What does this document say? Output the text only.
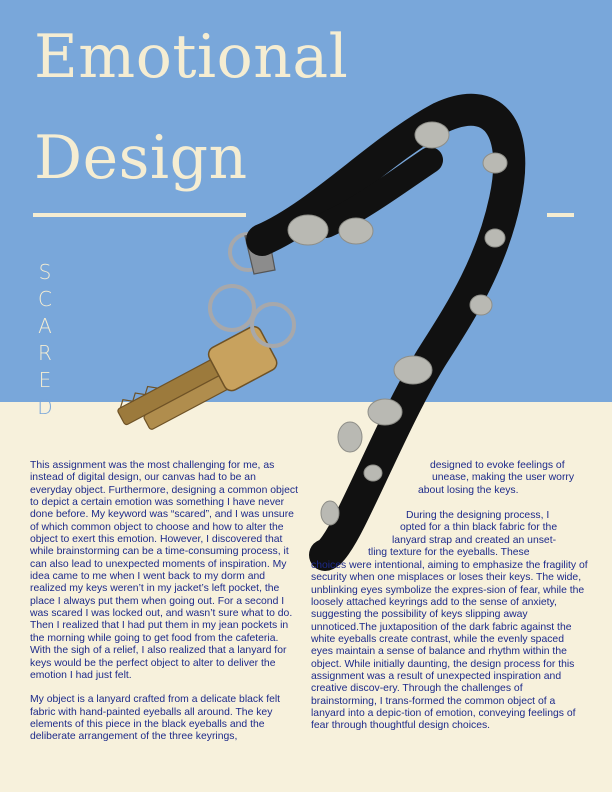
Emotional
Design
S
C
A
R
E
D

This assignment was the most challenging for me, as instead of digital design, our canvas had to be an everyday object. Furthermore, designing a common object to depict a certain emotion was something I have never done before. My keyword was “scared”, and I was unsure of which common object to choose and how to alter the object to exert this emotion. However, I discovered that while brainstorming can be a time-consuming process, it can also lead to unexpected moments of inspiration. My idea came to me when I went back to my dorm and realized my keys weren’t in my jacket’s left pocket, the place I always put them when going out. For a second I was scared I was locked out, and wasn’t sure what to do. Then I realized that I had put them in my jean pockets in the morning while going to get food from the cafeteria. With the sigh of a relief, I also realized that a lanyard for keys would be the perfect object to alter to deliver the emotion I had just felt.

My object is a lanyard crafted from a delicate black felt fabric with hand-painted eyeballs all around. The key elements of this piece in the black eyeballs and the deliberate arrangement of the three keyrings,

designed to evoke feelings of
unease, making the user worry
about losing the keys.
During the designing process, I
opted for a thin black fabric for the
lanyard strap and created an unset-
tling texture for the eyeballs. These
choices were intentional, aiming to emphasize the fragility of security when one misplaces or loses their keys. The wide, unblinking eyes symbolize the expres-sion of fear, while the loosely attached keyrings add to the sense of anxiety, suggesting the possibility of keys slipping away unnoticed.The juxtaposition of the dark fabric against the white eyeballs create contrast, while the evenly spaced eyes maintain a sense of balance and rhythm within the object. While initially daunting, the design process for this assignment was a result of unexpected inspiration and creative discov-ery. Through the challenges of brainstorming, I trans-formed the common object of a lanyard into a depic-tion of emotion, conveying feelings of fear through thoughtful design choices.
